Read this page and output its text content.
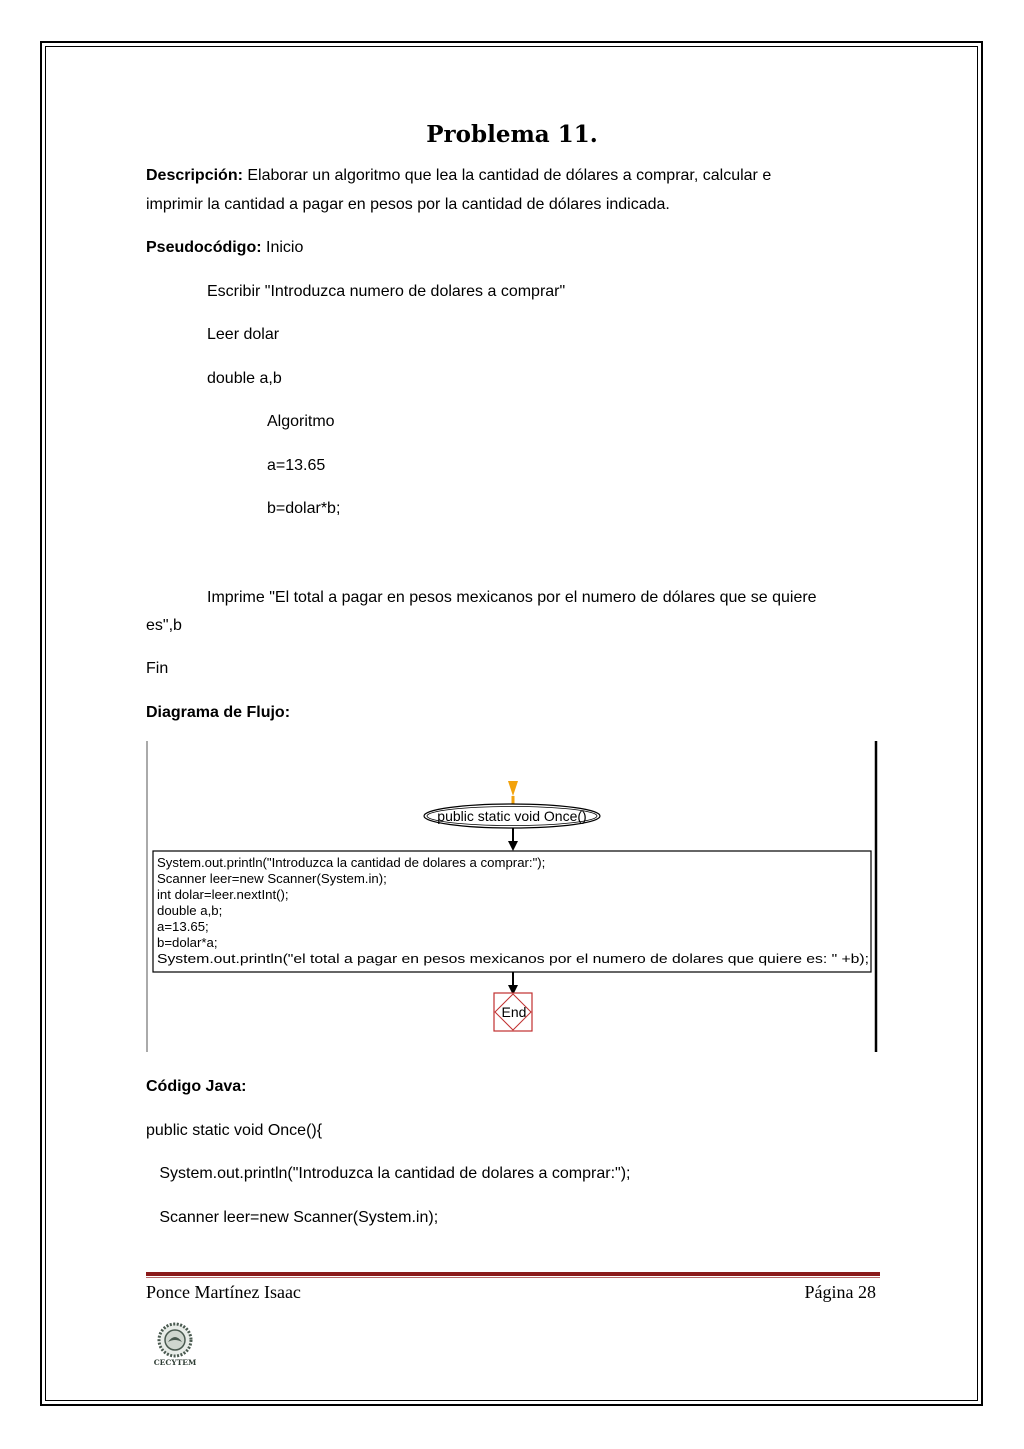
Problema 11.
Descripción: Elaborar un algoritmo que lea la cantidad de dólares a comprar, calcular e
imprimir la cantidad a pagar en pesos por la cantidad de dólares indicada.
Pseudocódigo: Inicio
Escribir "Introduzca numero de dolares a comprar"
Leer dolar
double a,b
Algoritmo
a=13.65
b=dolar*b;
Imprime "El total a pagar en pesos mexicanos por el numero de dólares que se quiere
es",b
Fin
Diagrama de Flujo:
public static void Once()
System.out.println("Introduzca la cantidad de dolares a comprar:"); Scanner leer=new Scanner(System.in); int dolar=leer.nextInt(); double a,b; a=13.65; b=dolar*a; System.out.println("el total a pagar en pesos mexicanos por el numero de dolares que quiere es: " +b);
End
Código Java:
public static void Once(){
System.out.println("Introduzca la cantidad de dolares a comprar:");
Scanner leer=new Scanner(System.in);
Ponce Martínez Isaac	Página 28
CECYTEM
